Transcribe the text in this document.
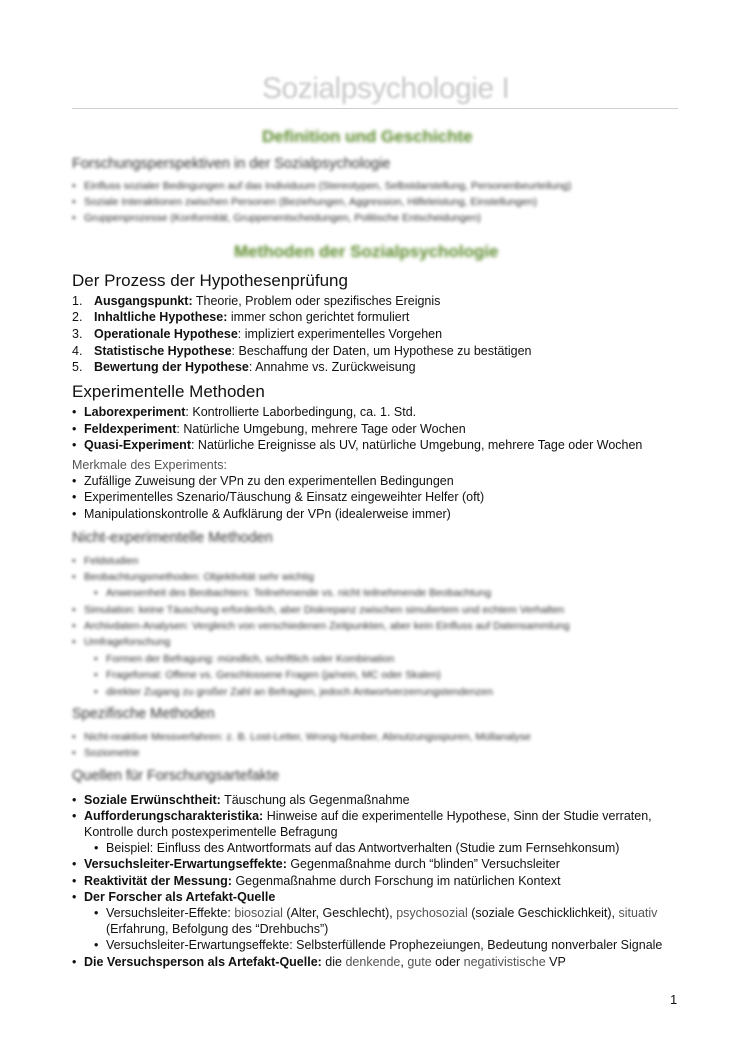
Sozialpsychologie I
Definition und Geschichte
Forschungsperspektiven in der Sozialpsychologie
• Einfluss sozialer Bedingungen auf das Individuum (Stereotypen, Selbstdarstellung, Personenbeurteilung)
• Soziale Interaktionen zwischen Personen (Beziehungen, Aggression, Hilfeleistung, Einstellungen)
• Gruppenprozesse (Konformität, Gruppenentscheidungen, Politische Entscheidungen)
Methoden der Sozialpsychologie
Der Prozess der Hypothesenprüfung
1. Ausgangspunkt: Theorie, Problem oder spezifisches Ereignis
2. Inhaltliche Hypothese: immer schon gerichtet formuliert
3. Operationale Hypothese: impliziert experimentelles Vorgehen
4. Statistische Hypothese: Beschaffung der Daten, um Hypothese zu bestätigen
5. Bewertung der Hypothese: Annahme vs. Zurückweisung
Experimentelle Methoden
• Laborexperiment: Kontrollierte Laborbedingung, ca. 1. Std.
• Feldexperiment: Natürliche Umgebung, mehrere Tage oder Wochen
• Quasi-Experiment: Natürliche Ereignisse als UV, natürliche Umgebung, mehrere Tage oder Wochen
Merkmale des Experiments:
• Zufällige Zuweisung der VPn zu den experimentellen Bedingungen
• Experimentelles Szenario/Täuschung & Einsatz eingeweihter Helfer (oft)
• Manipulationskontrolle & Aufklärung der VPn (idealerweise immer)
Nicht-experimentelle Methoden
• Feldstudien
• Beobachtungsmethoden: Objektivität sehr wichtig
• Anwesenheit des Beobachters: Teilnehmende vs. nicht teilnehmende Beobachtung
• Simulation: keine Täuschung erforderlich, aber Diskrepanz zwischen simuliertem und echtem Verhalten
• Archivdaten-Analysen: Vergleich von verschiedenen Zeitpunkten, aber kein Einfluss auf Datensammlung
• Umfrageforschung
• Formen der Befragung: mündlich, schriftlich oder Kombination
• Fragefomat: Offene vs. Geschlossene Fragen (ja/nein, MC oder Skalen)
• direkter Zugang zu großer Zahl an Befragten, jedoch Antwortverzerrungstendenzen
Spezifische Methoden
• Nicht-reaktive Messverfahren: z. B. Lost-Letter, Wrong-Number, Abnutzungsspuren, Müllanalyse
• Soziometrie
Quellen für Forschungsartefakte
• Soziale Erwünschtheit: Täuschung als Gegenmaßnahme
• Aufforderungscharakteristika: Hinweise auf die experimentelle Hypothese, Sinn der Studie verraten,
Kontrolle durch postexperimentelle Befragung
• Beispiel: Einfluss des Antwortformats auf das Antwortverhalten (Studie zum Fernsehkonsum)
• Versuchsleiter-Erwartungseffekte: Gegenmaßnahme durch “blinden” Versuchsleiter
• Reaktivität der Messung: Gegenmaßnahme durch Forschung im natürlichen Kontext
• Der Forscher als Artefakt-Quelle
• Versuchsleiter-Effekte: biosozial (Alter, Geschlecht), psychosozial (soziale Geschicklichkeit), situativ
(Erfahrung, Befolgung des “Drehbuchs”)
• Versuchsleiter-Erwartungseffekte: Selbsterfüllende Prophezeiungen, Bedeutung nonverbaler Signale
• Die Versuchsperson als Artefakt-Quelle: die denkende, gute oder negativistische VP
1
